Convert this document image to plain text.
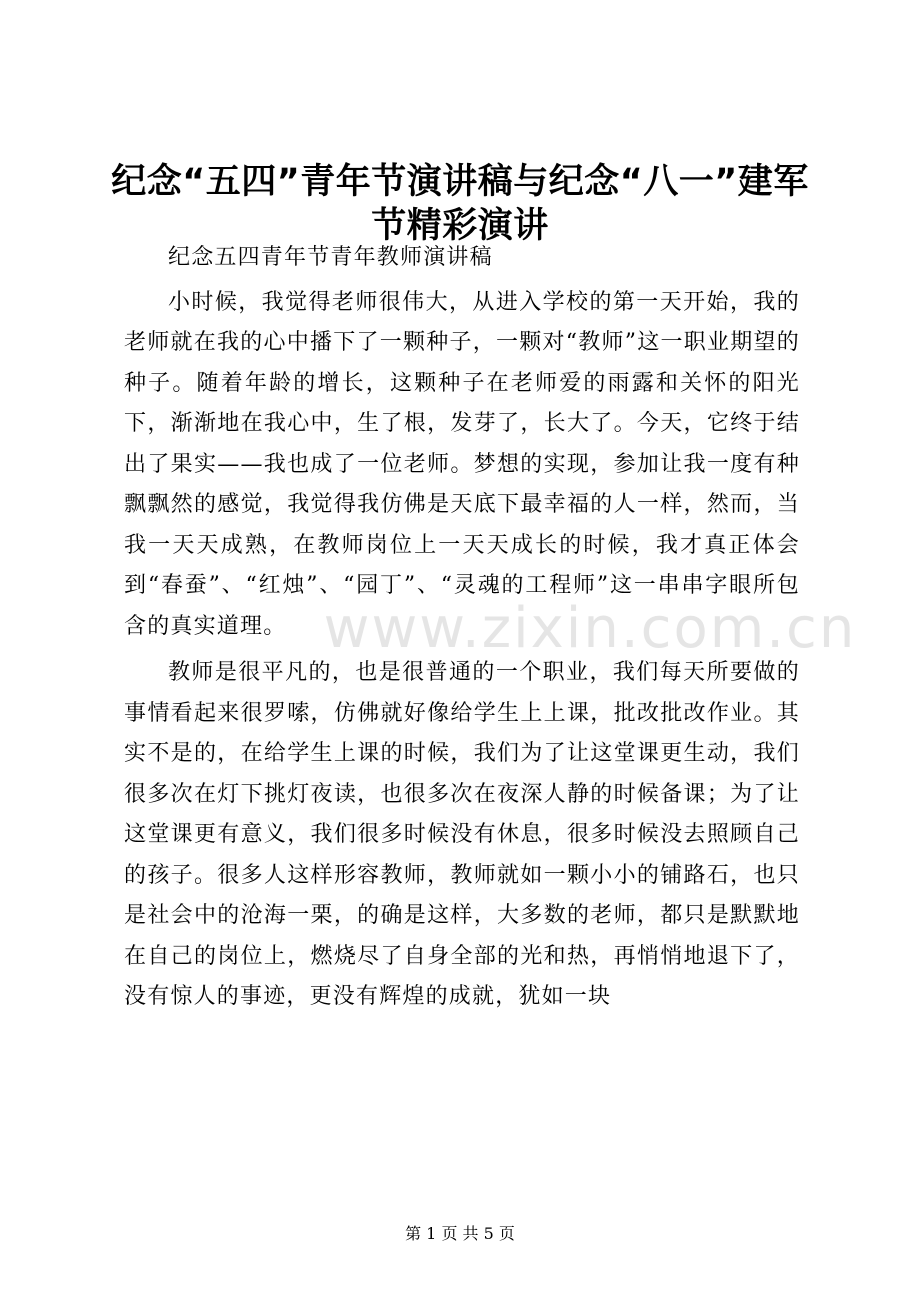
纪念“五四”青年节演讲稿与纪念“八一”建军节精彩演讲

纪念五四青年节青年教师演讲稿

小时候，我觉得老师很伟大，从进入学校的第一天开始，我的老师就在我的心中播下了一颗种子，一颗对“教师”这一职业期望的种子。随着年龄的增长，这颗种子在老师爱的雨露和关怀的阳光下，渐渐地在我心中，生了根，发芽了，长大了。今天，它终于结出了果实——我也成了一位老师。梦想的实现，参加让我一度有种飘飘然的感觉，我觉得我仿佛是天底下最幸福的人一样，然而，当我一天天成熟，在教师岗位上一天天成长的时候，我才真正体会到“春蚕”、“红烛”、“园丁”、“灵魂的工程师”这一串串字眼所包含的真实道理。

教师是很平凡的，也是很普通的一个职业，我们每天所要做的事情看起来很罗嗦，仿佛就好像给学生上上课，批改批改作业。其实不是的，在给学生上课的时候，我们为了让这堂课更生动，我们很多次在灯下挑灯夜读，也很多次在夜深人静的时候备课；为了让这堂课更有意义，我们很多时候没有休息，很多时候没去照顾自己的孩子。很多人这样形容教师，教师就如一颗小小的铺路石，也只是社会中的沧海一栗，的确是这样，大多数的老师，都只是默默地在自己的岗位上，燃烧尽了自身全部的光和热，再悄悄地退下了，没有惊人的事迹，更没有辉煌的成就，犹如一块

www.zixin.com.cn
第 1 页 共 5 页
